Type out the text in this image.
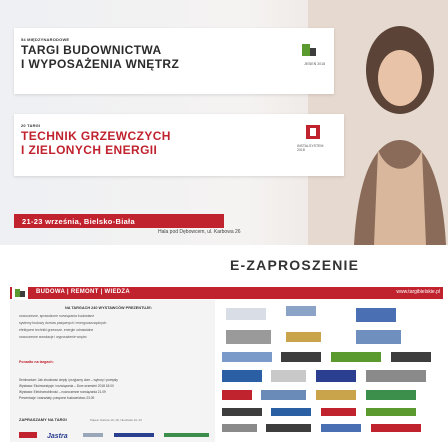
54 MIĘDZYNARODOWE
TARGI BUDOWNICTWA
I WYPOSAŻENIA WNĘTRZ	JESIEŃ 2018
20 TARGI
TECHNIK GRZEWCZYCH
I ZIELONYCH ENERGII	INSTALSYSTEM 2018
21-23 września, Bielsko-Biała
Hala pod Dębowcem, ul. Karbowa 26
E-ZAPROSZENIE
BUDOWA | REMONT | WIEDZA	www.targibielskie.pl
NA TARGACH 240 WYSTAWCÓW PREZENTUJE:
nowoczesne, sprawdzone rozwiązania budowlane
systemy budowy domów pasywnych i energooszczędnych
efektywne techniki grzewcze, energie odnawialne
nowoczesne aranżacje i wyposażenie wnętrz
Ponadto na targach:
Seminarium: Jak zbudować ciepły i przyjazny dom – wybory i pomysły
Wystawa: Ekoinwestycje i rozwiązania – Dom wrzesień 2018 18:00
Wystawa: Elektromobilność – nowoczesne rozwiązania 21.09
Prezentacje i warsztaty: pasywne budownictwo 23.09
ZAPRASZAMY NA TARGI	Piątek–Sobota 10–18, Niedziela 10–16
Jastra
